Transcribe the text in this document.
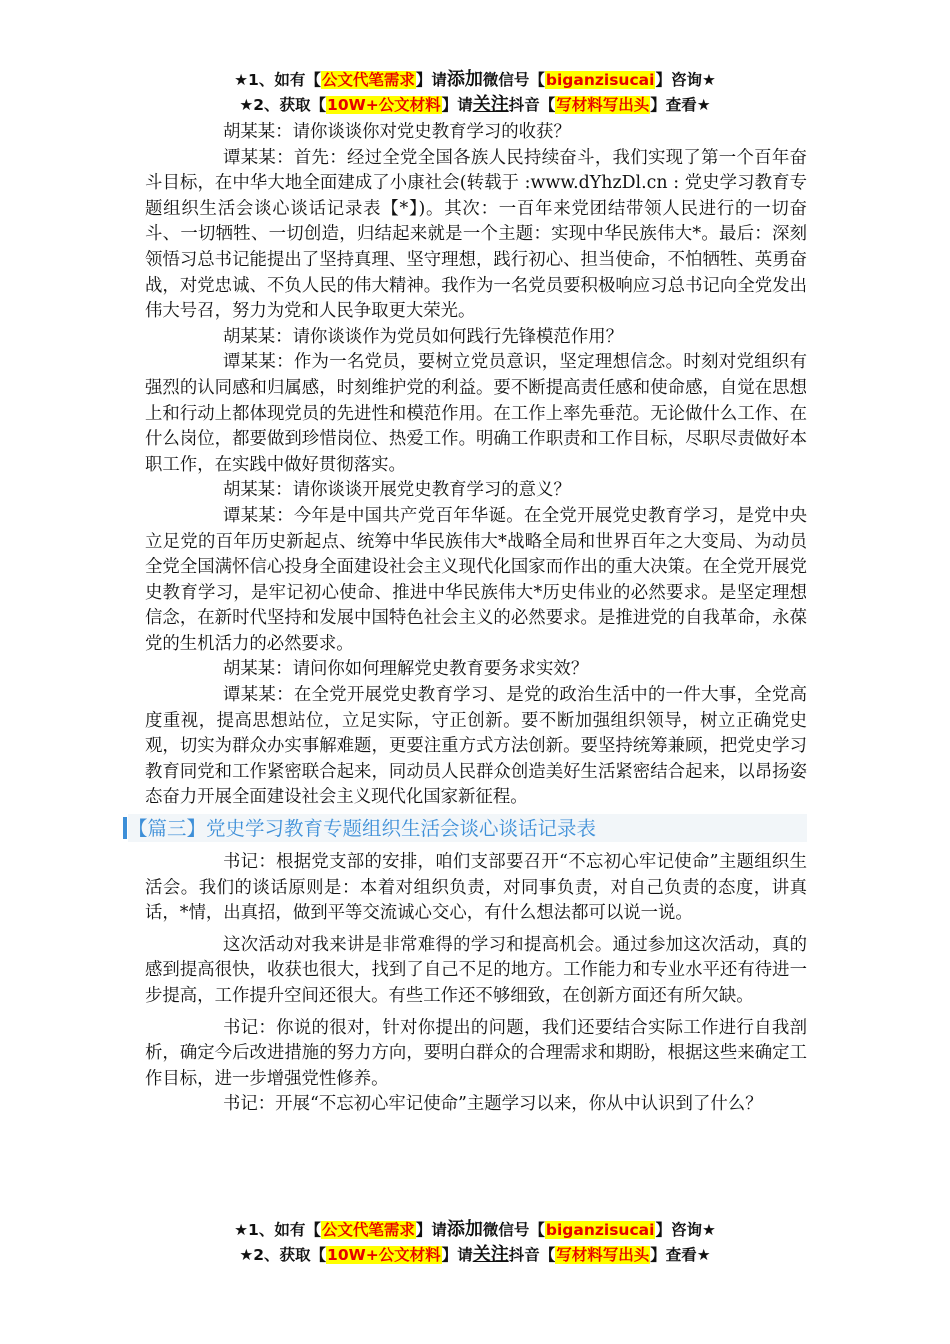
★1、如有【公文代笔需求】请添加微信号【biganzisucai】咨询★
★2、获取【10W+公文材料】请关注抖音【写材料写出头】查看★

胡某某：请你谈谈你对党史教育学习的收获？

谭某某：首先：经过全党全国各族人民持续奋斗，我们实现了第一个百年奋斗目标，在中华大地全面建成了小康社会(转载于 :www.dYhzDl.cn : 党史学习教育专题组织生活会谈心谈话记录表【*】)。其次：一百年来党团结带领人民进行的一切奋斗、一切牺牲、一切创造，归结起来就是一个主题：实现中华民族伟大*。最后：深刻领悟习总书记能提出了坚持真理、坚守理想，践行初心、担当使命，不怕牺牲、英勇奋战，对党忠诚、不负人民的伟大精神。我作为一名党员要积极响应习总书记向全党发出伟大号召，努力为党和人民争取更大荣光。

胡某某：请你谈谈作为党员如何践行先锋模范作用？

谭某某：作为一名党员，要树立党员意识，坚定理想信念。时刻对党组织有强烈的认同感和归属感，时刻维护党的利益。要不断提高责任感和使命感，自觉在思想上和行动上都体现党员的先进性和模范作用。在工作上率先垂范。无论做什么工作、在什么岗位，都要做到珍惜岗位、热爱工作。明确工作职责和工作目标，尽职尽责做好本职工作，在实践中做好贯彻落实。

胡某某：请你谈谈开展党史教育学习的意义？

谭某某：今年是中国共产党百年华诞。在全党开展党史教育学习，是党中央立足党的百年历史新起点、统筹中华民族伟大*战略全局和世界百年之大变局、为动员全党全国满怀信心投身全面建设社会主义现代化国家而作出的重大决策。在全党开展党史教育学习，是牢记初心使命、推进中华民族伟大*历史伟业的必然要求。是坚定理想信念，在新时代坚持和发展中国特色社会主义的必然要求。是推进党的自我革命，永葆党的生机活力的必然要求。

胡某某：请问你如何理解党史教育要务求实效？

谭某某：在全党开展党史教育学习、是党的政治生活中的一件大事，全党高度重视，提高思想站位，立足实际，守正创新。要不断加强组织领导，树立正确党史观，切实为群众办实事解难题，更要注重方式方法创新。要坚持统筹兼顾，把党史学习教育同党和工作紧密联合起来，同动员人民群众创造美好生活紧密结合起来，以昂扬姿态奋力开展全面建设社会主义现代化国家新征程。

【篇三】党史学习教育专题组织生活会谈心谈话记录表

书记：根据党支部的安排，咱们支部要召开“不忘初心牢记使命”主题组织生活会。我们的谈话原则是：本着对组织负责，对同事负责，对自己负责的态度，讲真话，*情，出真招，做到平等交流诚心交心，有什么想法都可以说一说。

这次活动对我来讲是非常难得的学习和提高机会。通过参加这次活动，真的感到提高很快，收获也很大，找到了自己不足的地方。工作能力和专业水平还有待进一步提高，工作提升空间还很大。有些工作还不够细致，在创新方面还有所欠缺。

书记：你说的很对，针对你提出的问题，我们还要结合实际工作进行自我剖析，确定今后改进措施的努力方向，要明白群众的合理需求和期盼，根据这些来确定工作目标，进一步增强党性修养。

书记：开展“不忘初心牢记使命”主题学习以来，你从中认识到了什么？

★1、如有【公文代笔需求】请添加微信号【biganzisucai】咨询★
★2、获取【10W+公文材料】请关注抖音【写材料写出头】查看★
